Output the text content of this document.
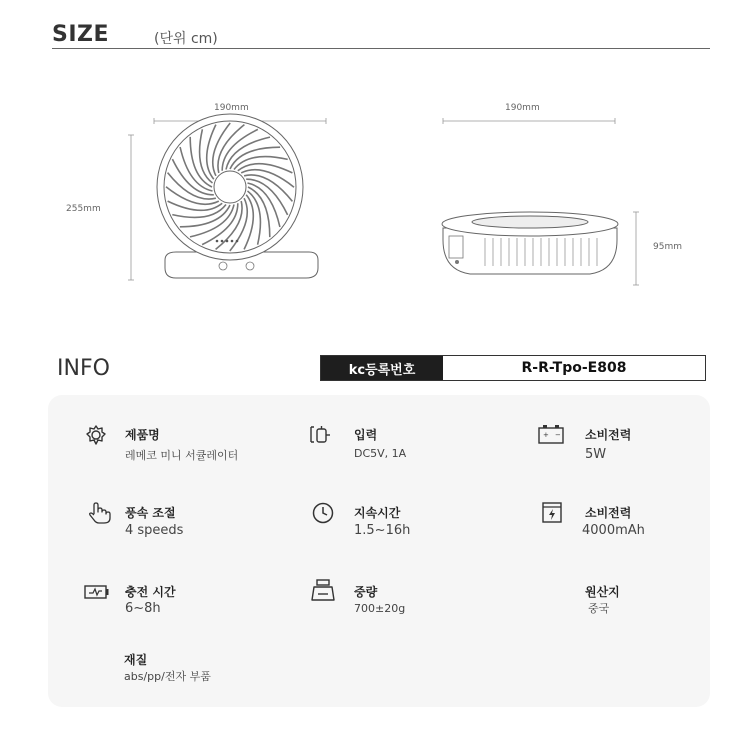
SIZE	(단위 cm)
190mm
255mm
190mm
95mm
INFO	kc등록번호	R-R-Tpo-E808
제품명
레메코 미니 서큘레이터
입력
DC5V, 1A
+ − 소비전력
5W
풍속 조절
4 speeds
지속시간
1.5~16h
소비전력
4000mAh
충전 시간
6~8h
중량
700±20g
원산지
중국
재질
abs/pp/전자 부품
